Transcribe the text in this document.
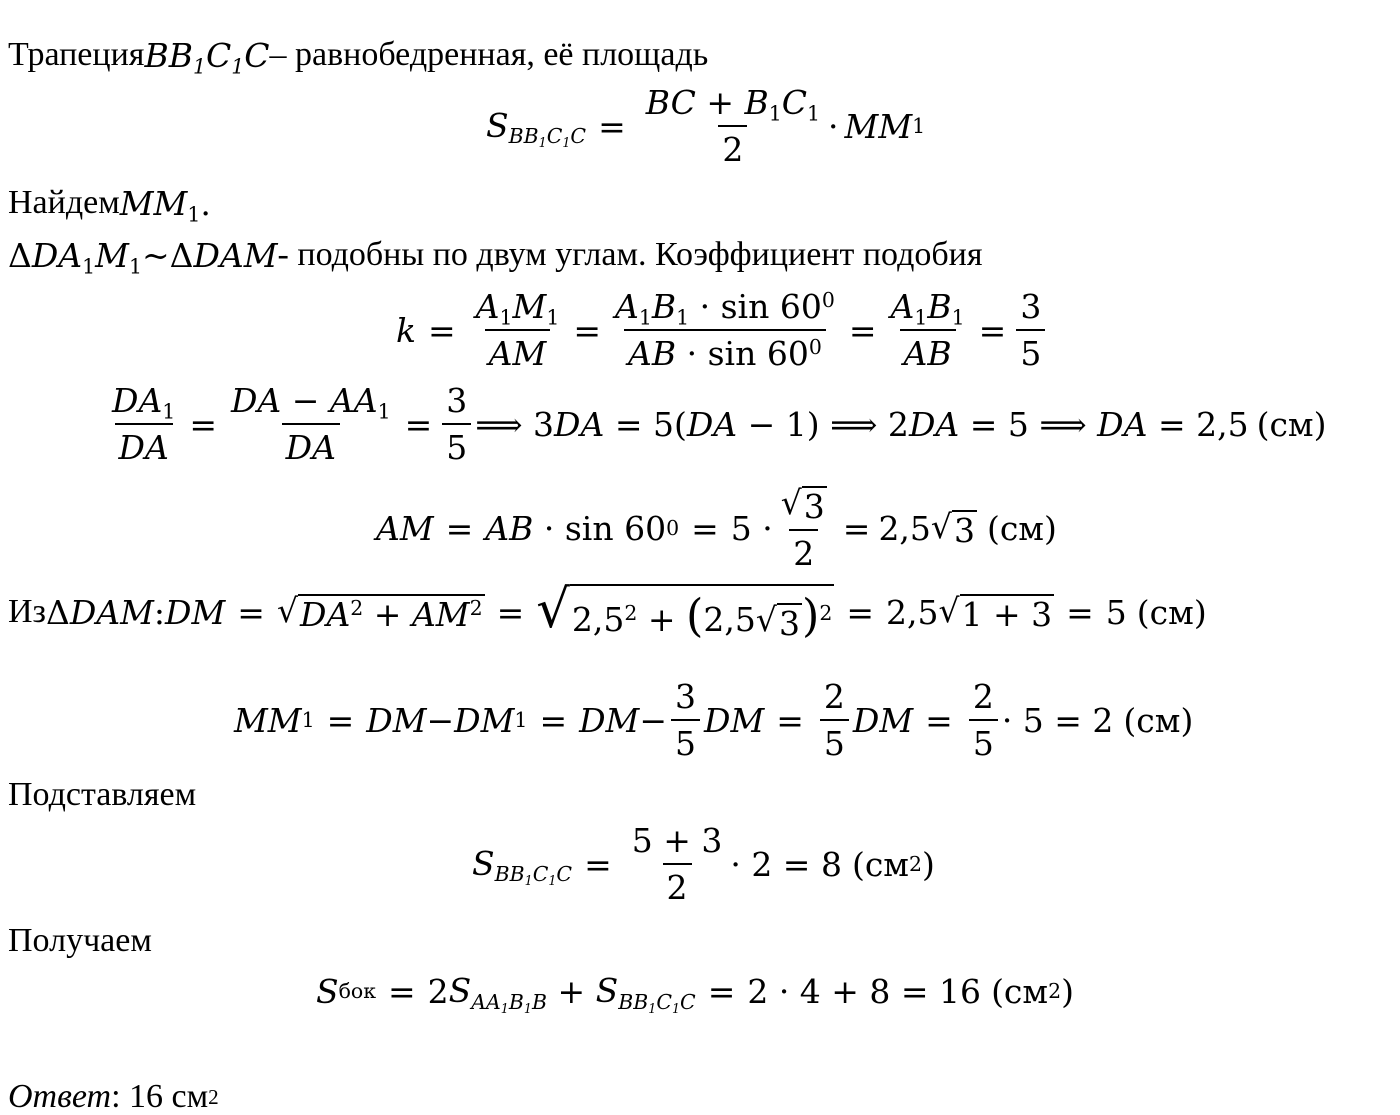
Трапеция $BB_1C_1C$ – равнобедренная, её площадь
$S_{BB_1C_1C} = \frac{BC + B_1C_1}{2}$ · MM 1
Найдем $MM_1$.
$\Delta DA_1M_1\sim\Delta DAM$ - подобны по двум углам. Коэффициент подобия
$k = \frac{A_1M_1}{AM} = \frac{A_1B_1 \cdot \sin 60^0}{AB \cdot \sin 60^0} = \frac{A_1B_1}{AB} = \frac{3}{5}$
$\frac{DA_1}{DA} = \frac{DA - AA_1}{DA} = \frac{3}{5}$ ⟹ 3DA = 5(DA − 1) ⟹ 2DA = 5 ⟹ DA = 2,5 (см)
AM = AB · sin 60 $0 = 5 \cdot \frac{√ 3}{2} = 2,5$ √ 3 (см)
Из Δ DAM : DM = √ $DA^2 + AM^2$ = √ $2,5^2 + (2,5$ √ 3 )$^2$ = 2,5 √ 1 + 3 = 5 (см)
MM 1 = DM − DM 1 = DM − $\frac{3}{5}$ DM = $\frac{2}{5}$ DM = $\frac{2}{5} \cdot 5 = 2$ (см)
Подставляем
$S_{BB_1C_1C} = \frac{5 + 3}{2} \cdot 2 = 8$ (см 2 )
Получаем
S бок = 2 $S_{AA_1B_1B} + S_{BB_1C_1C} = 2 \cdot 4 + 8 = 16$ (см 2 )
Ответ : 16 см 2
